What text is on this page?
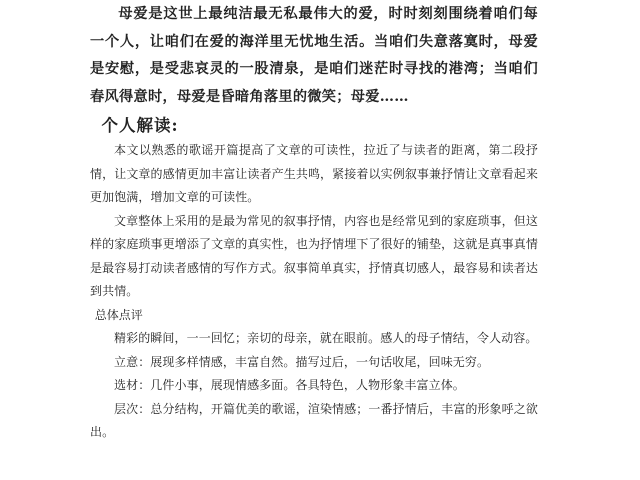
母爱是这世上最纯洁最无私最伟大的爱，时时刻刻围绕着咱们每一个人，让咱们在爱的海洋里无忧地生活。当咱们失意落寞时，母爱是安慰，是受悲哀灵的一股清泉，是咱们迷茫时寻找的港湾；当咱们春风得意时，母爱是昏暗角落里的微笑；母爱……

个人解读:

本文以熟悉的歌谣开篇提高了文章的可读性，拉近了与读者的距离，第二段抒情，让文章的感情更加丰富让读者产生共鸣，紧接着以实例叙事兼抒情让文章看起来更加饱满，增加文章的可读性。

文章整体上采用的是最为常见的叙事抒情，内容也是经常见到的家庭琐事，但这样的家庭琐事更增添了文章的真实性，也为抒情埋下了很好的铺垫，这就是真事真情是最容易打动读者感情的写作方式。叙事简单真实，抒情真切感人，最容易和读者达到共情。

总体点评

精彩的瞬间，一一回忆；亲切的母亲，就在眼前。感人的母子情结，令人动容。

立意：展现多样情感，丰富自然。描写过后，一句话收尾，回味无穷。

选材：几件小事，展现情感多面。各具特色，人物形象丰富立体。

层次：总分结构，开篇优美的歌谣，渲染情感；一番抒情后，丰富的形象呼之欲出。
